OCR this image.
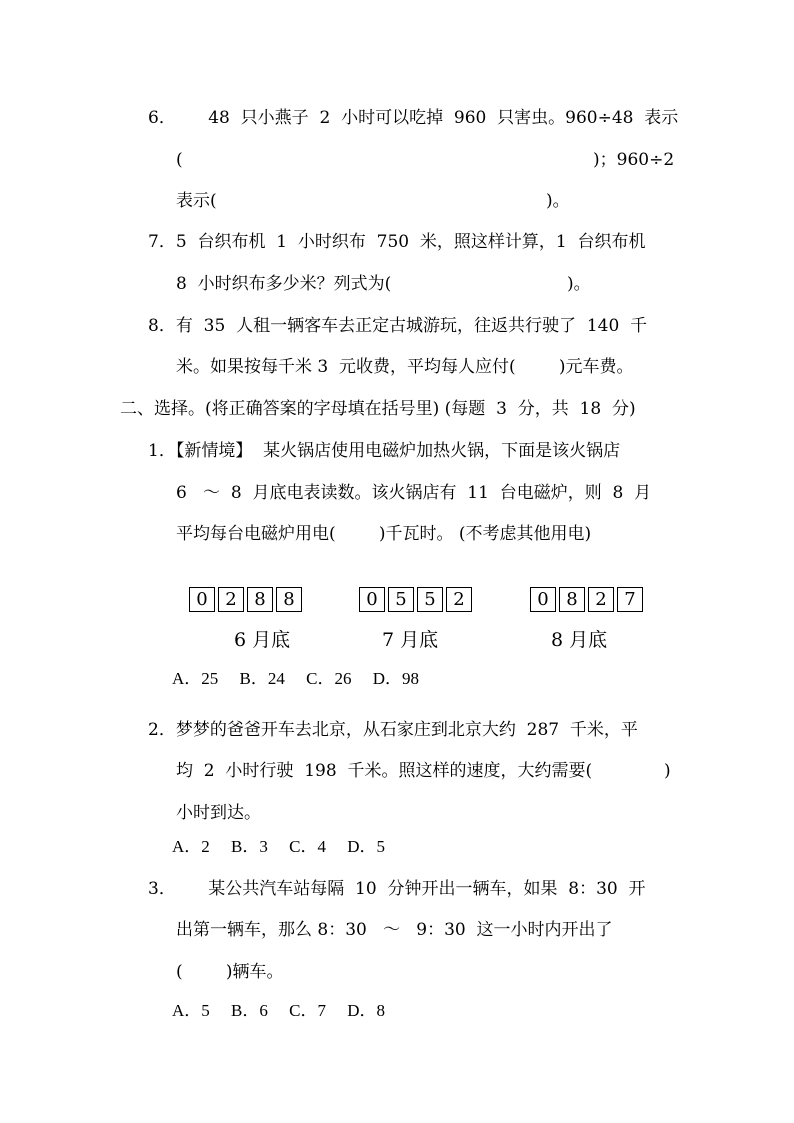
6．      48  只小燕子  2  小时可以吃掉  960  只害虫。960÷48  表示
(	)；960÷2
表示(	)。
7．5  台织布机  1  小时织布  750  米，照这样计算，1  台织布机
8  小时织布多少米？列式为(	)。
8．有  35  人租一辆客车去正定古城游玩，往返共行驶了  140  千
米。如果按每千米 3  元收费，平均每人应付(        )元车费。
二、选择。(将正确答案的字母填在括号里) (每题  3  分，共  18  分)
1．【新情境】  某火锅店使用电磁炉加热火锅，下面是该火锅店
6   ～  8  月底电表读数。该火锅店有  11  台电磁炉，则  8  月
平均每台电磁炉用电(        )千瓦时。 (不考虑其他用电)
0 2 8 8	0 5 5 2	0 8 2 7
6 月底	7 月底	8 月底
A．25     B．24     C．26     D．98
2．梦梦的爸爸开车去北京，从石家庄到北京大约  287  千米，平
均  2  小时行驶  198  千米。照这样的速度，大约需要(	)
小时到达。
A．2     B．3     C．4     D．5
3．      某公共汽车站每隔  10  分钟开出一辆车，如果  8：30  开
出第一辆车，那么 8：30   ～   9：30  这一小时内开出了
(        )辆车。
A．5     B．6     C．7     D．8
